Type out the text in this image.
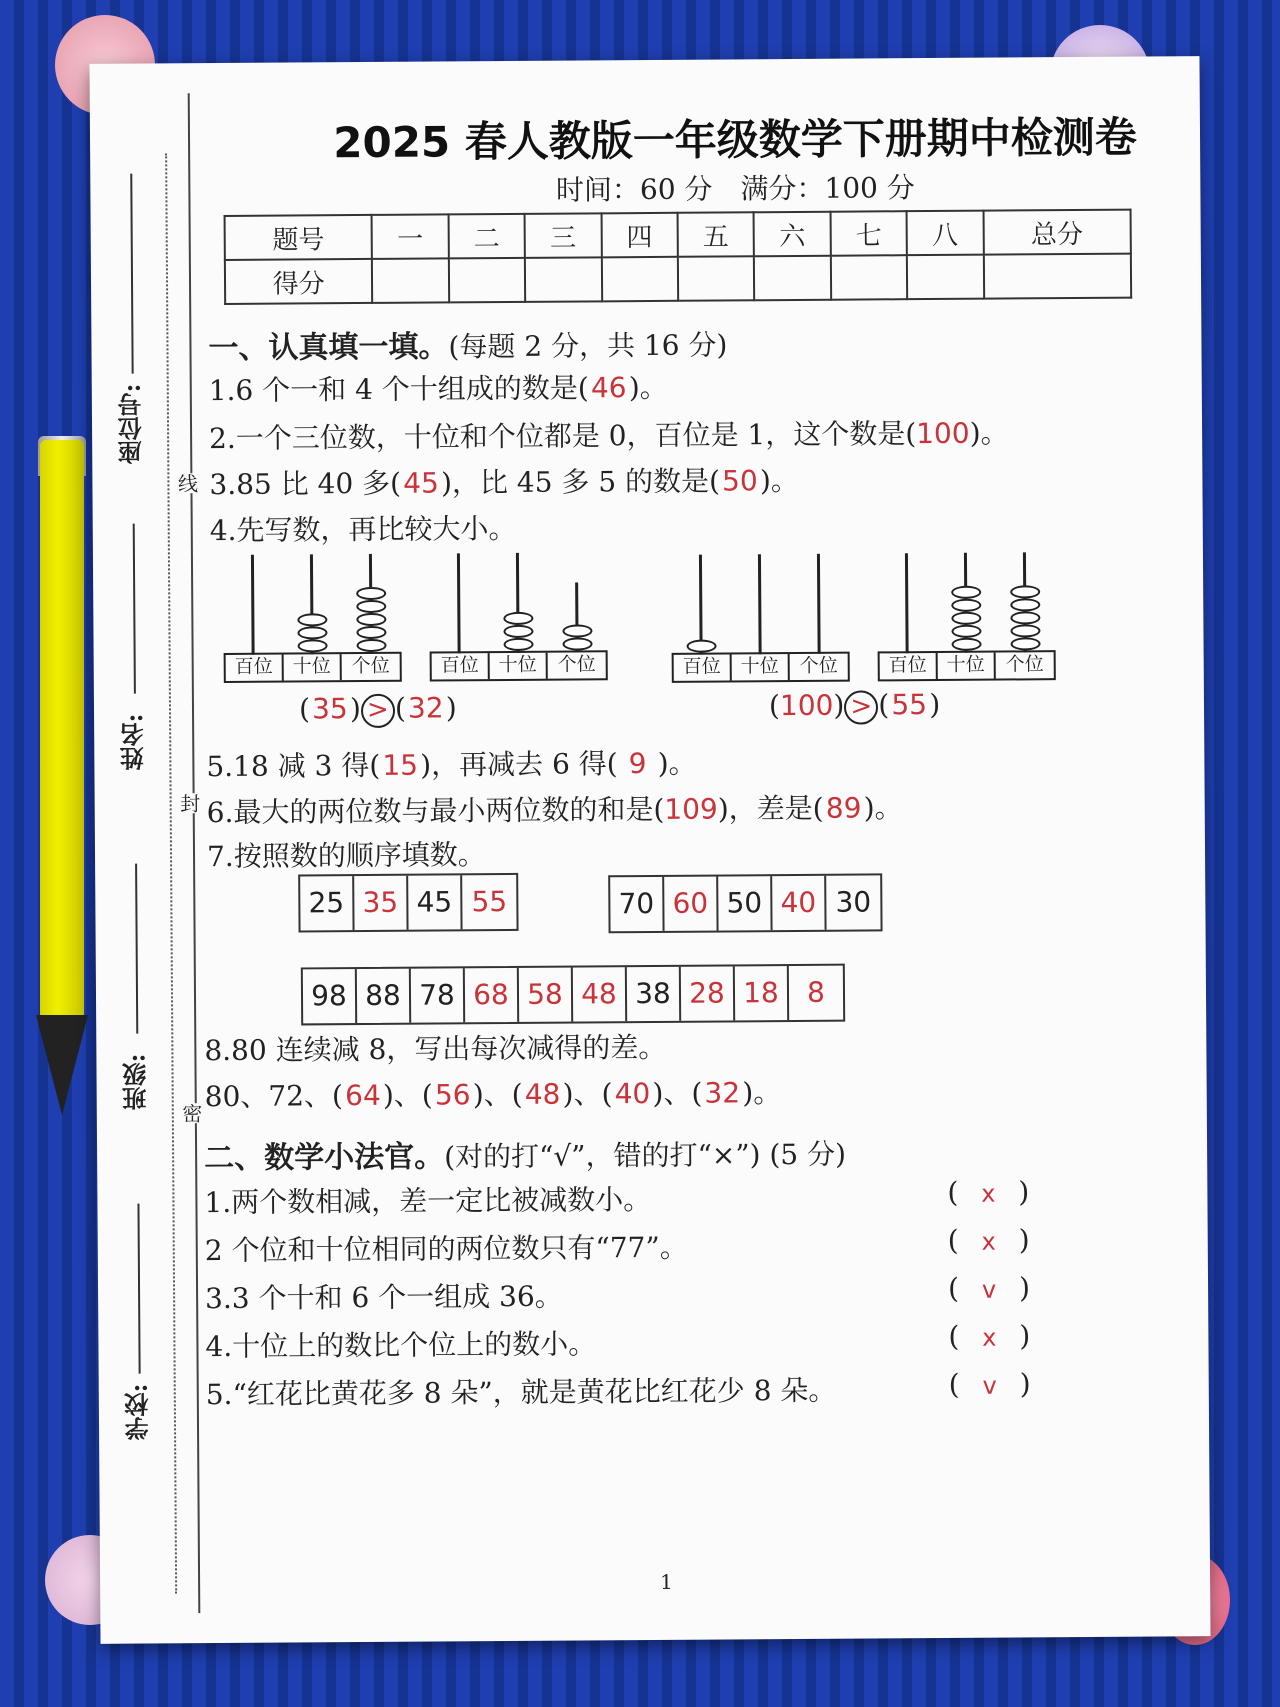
座位号:
姓名:
班级:
学校:
线
封
密
2025 春人教版一年级数学下册期中检测卷
时间：60 分　满分：100 分
题号	一	二	三	四	五	六	七	八	总分
得分									
一、认真填一填。(每题 2 分，共 16 分)
1.6 个一和 4 个十组成的数是(46)。
2.一个三位数，十位和个位都是 0，百位是 1，这个数是(100)。
3.85 比 40 多(45)，比 45 多 5 的数是(50)。
4.先写数，再比较大小。
百位	十位	个位	百位	十位	个位	百位	十位	个位	百位	十位	个位
(35) > (32)	(100) > (55)
5.18 减 3 得(15)，再减去 6 得( 9 )。
6.最大的两位数与最小两位数的和是(109)，差是(89)。
7.按照数的顺序填数。
25 35 45 55	70 60 50 40 30
98 88 78 68 58 48 38 28 18	8
8.80 连续减 8，写出每次减得的差。
80、72、(64)、(56)、(48)、(40)、(32)。
二、数学小法官。(对的打“√”，错的打“×”) (5 分)
1.两个数相减，差一定比被减数小。	( x )
2 个位和十位相同的两位数只有“77”。	( x )
3.3 个十和 6 个一组成 36。	( v )
4.十位上的数比个位上的数小。	( x )
5.“红花比黄花多 8 朵”，就是黄花比红花少 8 朵。	( v )
1
